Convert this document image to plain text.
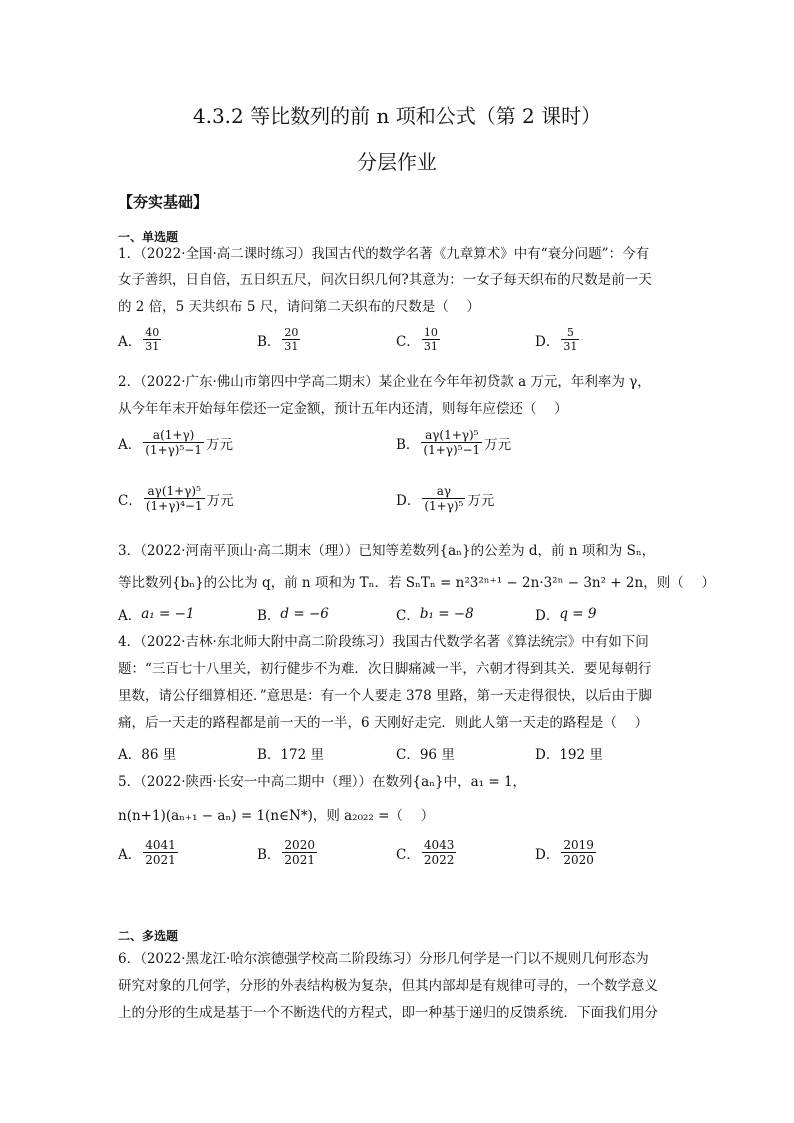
4.3.2 等比数列的前 n 项和公式（第 2 课时）
分层作业
【夯实基础】
一、单选题
1．（2022·全国·高二课时练习）我国古代的数学名著《九章算术》中有“衰分问题”：今有
女子善织，日自倍，五日织五尺，问次日织几何?其意为：一女子每天织布的尺数是前一天
的 2 倍，5 天共织布 5 尺，请问第二天织布的尺数是（　 ）
A． $\frac{40}{31}$	B． $\frac{20}{31}$	C． $\frac{10}{31}$	D． $\frac{5}{31}$
2．（2022·广东·佛山市第四中学高二期末）某企业在今年年初贷款 a 万元，年利率为 γ，
从今年年末开始每年偿还一定金额，预计五年内还清，则每年应偿还（　 ）
A． $\frac{a(1+\gamma)}{\text{(1+γ)⁵−1}}$ 万元	B． $\frac{\text{aγ(1+γ)⁵}}{\text{(1+γ)⁵−1}}$ 万元
C． $\frac{\text{aγ(1+γ)⁵}}{\text{(1+γ)⁴−1}}$ 万元	D． $\frac{a\gamma}{\text{(1+γ)⁵}}$ 万元
3．（2022·河南平顶山·高二期末（理））已知等差数列{aₙ}的公差为 d，前 n 项和为 Sₙ，
等比数列{bₙ}的公比为 q，前 n 项和为 Tₙ．若 SₙTₙ = n²3²ⁿ⁺¹ − 2n·3²ⁿ − 3n² + 2n，则（　 ）
A． a₁ = −1	B． d = −6	C． b₁ = −8	D． q = 9
4．（2022·吉林·东北师大附中高二阶段练习）我国古代数学名著《算法统宗》中有如下问
题：“三百七十八里关，初行健步不为难．次日脚痛减一半，六朝才得到其关．要见每朝行
里数，请公仔细算相还．”意思是：有一个人要走 378 里路，第一天走得很快，以后由于脚
痛，后一天走的路程都是前一天的一半，6 天刚好走完．则此人第一天走的路程是（　 ）
A． 86 里	B． 172 里	C． 96 里	D． 192 里
5．（2022·陕西·长安一中高二期中（理））在数列{aₙ}中，a₁ = 1，
n(n+1)(aₙ₊₁ − aₙ) = 1(n∈N*)，则 a₂₀₂₂ =（　 ）
A． $\frac{4041}{2021}$	B． $\frac{2020}{2021}$	C． $\frac{4043}{2022}$	D． $\frac{2019}{2020}$
二、多选题
6．（2022·黑龙江·哈尔滨德强学校高二阶段练习）分形几何学是一门以不规则几何形态为
研究对象的几何学，分形的外表结构极为复杂，但其内部却是有规律可寻的，一个数学意义
上的分形的生成是基于一个不断迭代的方程式，即一种基于递归的反馈系统．下面我们用分
